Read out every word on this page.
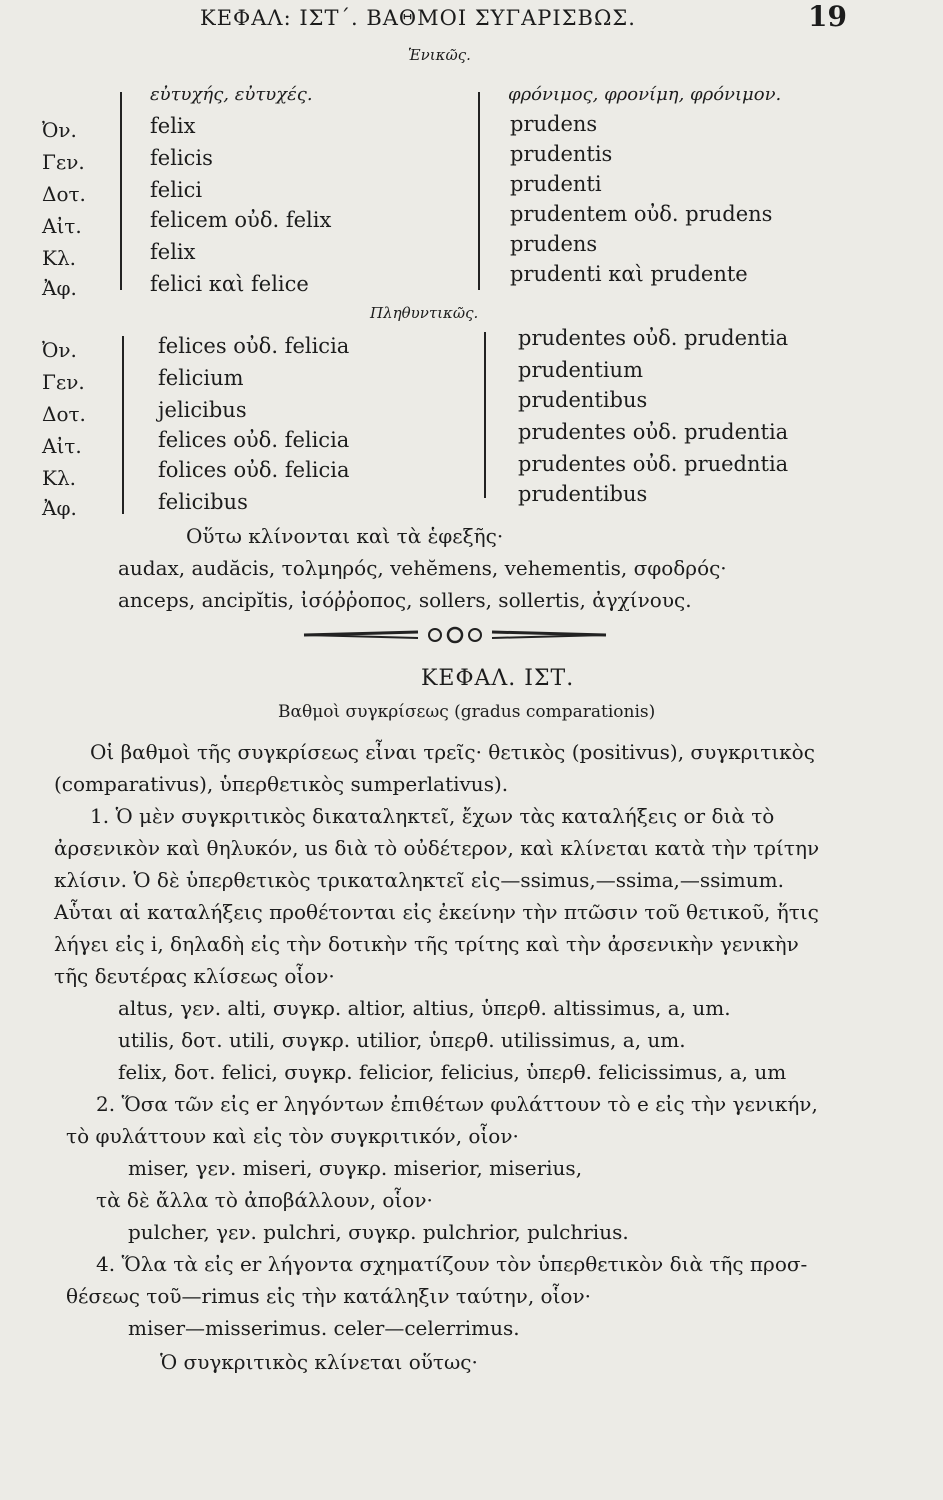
ΚΕΦΑΛ: ΙΣΤ΄. ΒΑΘΜΟΙ ΣΥΓΑΡΙΣΒΩΣ.	19
Ἑνικῶς.
εὐτυχής, εὐτυχές.	φρόνιμος, φρονίμη, φρόνιμον.
Ὀν.
Γεν.
Δοτ.
Αἰτ.
Κλ.
Ἀφ.
felix
felicis
felici
felicem οὐδ. felix
felix
felici καὶ felice
prudens
prudentis
prudenti
prudentem οὐδ. prudens
prudens
prudenti καὶ prudente
Πληθυντικῶς.
Ὀν.
Γεν.
Δοτ.
Αἰτ.
Κλ.
Ἀφ.
felices οὐδ. felicia
felicium
jelicibus
felices οὐδ. felicia
folices οὐδ. felicia
felicibus
prudentes οὐδ. prudentia
prudentium
prudentibus
prudentes οὐδ. prudentia
prudentes οὐδ. pruedntia
prudentibus
Οὕτω κλίνονται καὶ τὰ ἑφεξῆς·
audax, audăcis, τολμηρός, vehĕmens, vehementis, σφοδρός·
anceps, ancipĭtis, ἰσόῤῥοπος, sollers, sollertis, ἀγχίνους.
ΚΕΦΑΛ. ΙΣΤ.
Βαθμοὶ συγκρίσεως (gradus comparationis)
Οἱ βαθμοὶ τῆς συγκρίσεως εἶναι τρεῖς· θετικὸς (positivus), συγκριτικὸς
(comparativus), ὑπερθετικὸς sumperlativus).
1. Ὁ μὲν συγκριτικὸς δικαταληκτεῖ, ἔχων τὰς καταλήξεις or διὰ τὸ
ἀρσενικὸν καὶ θηλυκόν, us διὰ τὸ οὐδέτερον, καὶ κλίνεται κατὰ τὴν τρίτην
κλίσιν. Ὁ δὲ ὑπερθετικὸς τρικαταληκτεῖ εἰς—ssimus,—ssima,—ssimum.
Αὗται αἱ καταλήξεις προθέτονται εἰς ἐκείνην τὴν πτῶσιν τοῦ θετικοῦ, ἥτις
λήγει εἰς i, δηλαδὴ εἰς τὴν δοτικὴν τῆς τρίτης καὶ τὴν ἀρσενικὴν γενικὴν
τῆς δευτέρας κλίσεως οἷον·
altus, γεν. alti, συγκρ. altior, altius, ὑπερθ. altissimus, a, um.
utilis, δοτ. utili, συγκρ. utilior, ὑπερθ. utilissimus, a, um.
felix, δοτ. felici, συγκρ. felicior, felicius, ὑπερθ. felicissimus, a, um
2. Ὅσα τῶν εἰς er ληγόντων ἐπιθέτων φυλάττουν τὸ e εἰς τὴν γενικήν,
τὸ φυλάττουν καὶ εἰς τὸν συγκριτικόν, οἷον·
miser, γεν. miseri, συγκρ. miserior, miserius,
τὰ δὲ ἄλλα τὸ ἀποβάλλουν, οἷον·
pulcher, γεν. pulchri, συγκρ. pulchrior, pulchrius.
4. Ὅλα τὰ εἰς er λήγοντα σχηματίζουν τὸν ὑπερθετικὸν διὰ τῆς προσ-
θέσεως τοῦ—rimus εἰς τὴν κατάληξιν ταύτην, οἷον·
miser—misserimus. celer—celerrimus.
Ὁ συγκριτικὸς κλίνεται οὕτως·
